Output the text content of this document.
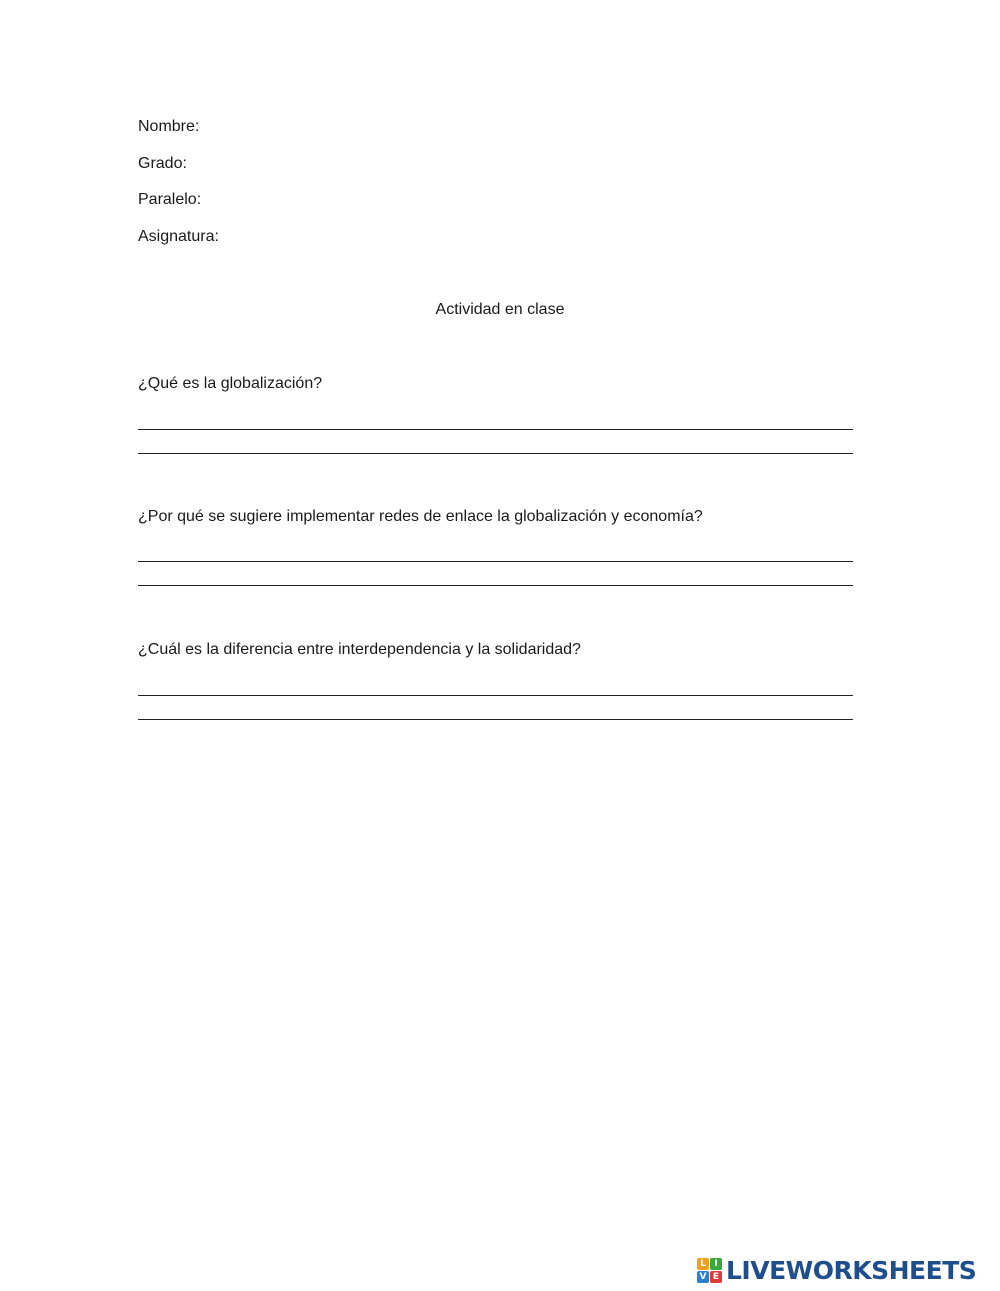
Nombre:
Grado:
Paralelo:
Asignatura:
Actividad en clase
¿Qué es la globalización?
¿Por qué se sugiere implementar redes de enlace la globalización y economía?
¿Cuál es la diferencia entre interdependencia y la solidaridad?
L I
V E LIVEWORKSHEETS
